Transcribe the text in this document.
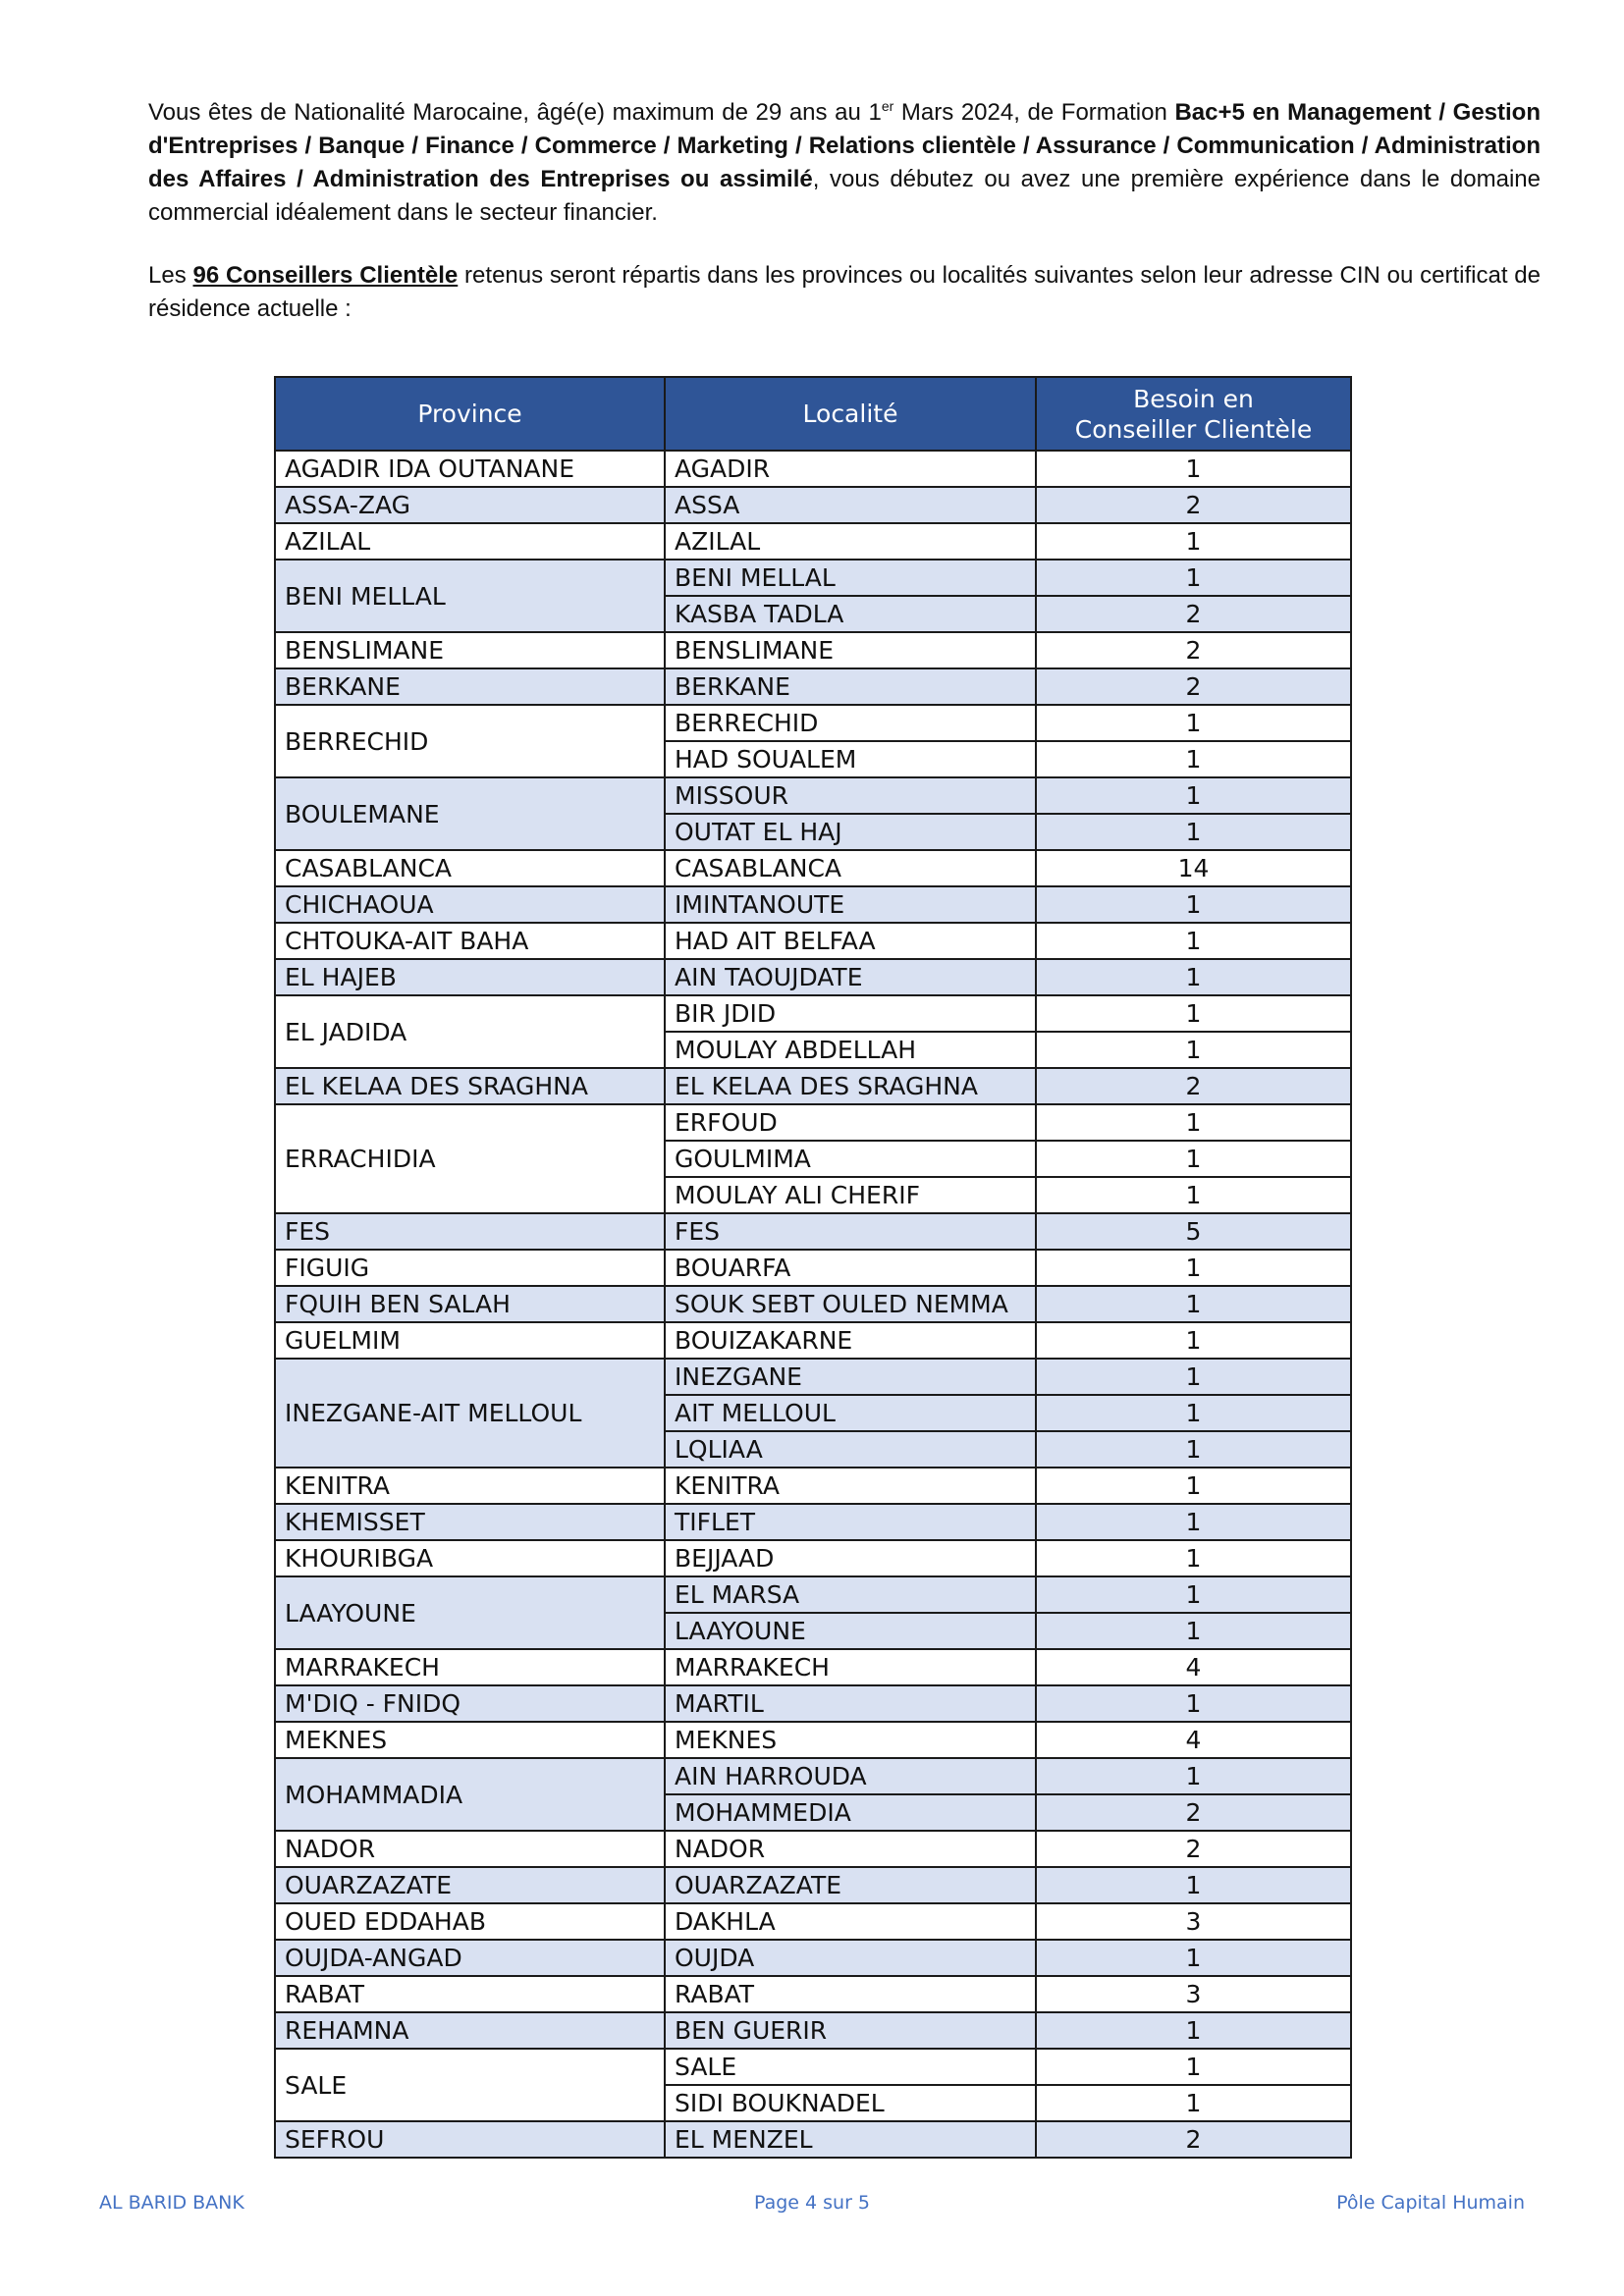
Vous êtes de Nationalité Marocaine, âgé(e) maximum de 29 ans au 1er Mars 2024, de Formation Bac+5 en Management / Gestion d'Entreprises / Banque / Finance / Commerce / Marketing / Relations clientèle / Assurance / Communication / Administration des Affaires / Administration des Entreprises ou assimilé, vous débutez ou avez une première expérience dans le domaine commercial idéalement dans le secteur financier.

Les 96 Conseillers Clientèle retenus seront répartis dans les provinces ou localités suivantes selon leur adresse CIN ou certificat de résidence actuelle :

Province	Localité	Besoin en
Conseiller Clientèle
AGADIR IDA OUTANANE	AGADIR	1
ASSA-ZAG	ASSA	2
AZILAL	AZILAL	1
BENI MELLAL	BENI MELLAL	1
	KASBA TADLA	2
BENSLIMANE	BENSLIMANE	2
BERKANE	BERKANE	2
BERRECHID	BERRECHID	1
	HAD SOUALEM	1
BOULEMANE	MISSOUR	1
	OUTAT EL HAJ	1
CASABLANCA	CASABLANCA	14
CHICHAOUA	IMINTANOUTE	1
CHTOUKA-AIT BAHA	HAD AIT BELFAA	1
EL HAJEB	AIN TAOUJDATE	1
EL JADIDA	BIR JDID	1
	MOULAY ABDELLAH	1
EL KELAA DES SRAGHNA	EL KELAA DES SRAGHNA	2
ERRACHIDIA	ERFOUD	1
	GOULMIMA	1
	MOULAY ALI CHERIF	1
FES	FES	5
FIGUIG	BOUARFA	1
FQUIH BEN SALAH	SOUK SEBT OULED NEMMA	1
GUELMIM	BOUIZAKARNE	1
INEZGANE-AIT MELLOUL	INEZGANE	1
	AIT MELLOUL	1
	LQLIAA	1
KENITRA	KENITRA	1
KHEMISSET	TIFLET	1
KHOURIBGA	BEJJAAD	1
LAAYOUNE	EL MARSA	1
	LAAYOUNE	1
MARRAKECH	MARRAKECH	4
M'DIQ - FNIDQ	MARTIL	1
MEKNES	MEKNES	4
MOHAMMADIA	AIN HARROUDA	1
	MOHAMMEDIA	2
NADOR	NADOR	2
OUARZAZATE	OUARZAZATE	1
OUED EDDAHAB	DAKHLA	3
OUJDA-ANGAD	OUJDA	1
RABAT	RABAT	3
REHAMNA	BEN GUERIR	1
SALE	SALE	1
	SIDI BOUKNADEL	1
SEFROU	EL MENZEL	2
AL BARID BANK	Page 4 sur 5	Pôle Capital Humain
